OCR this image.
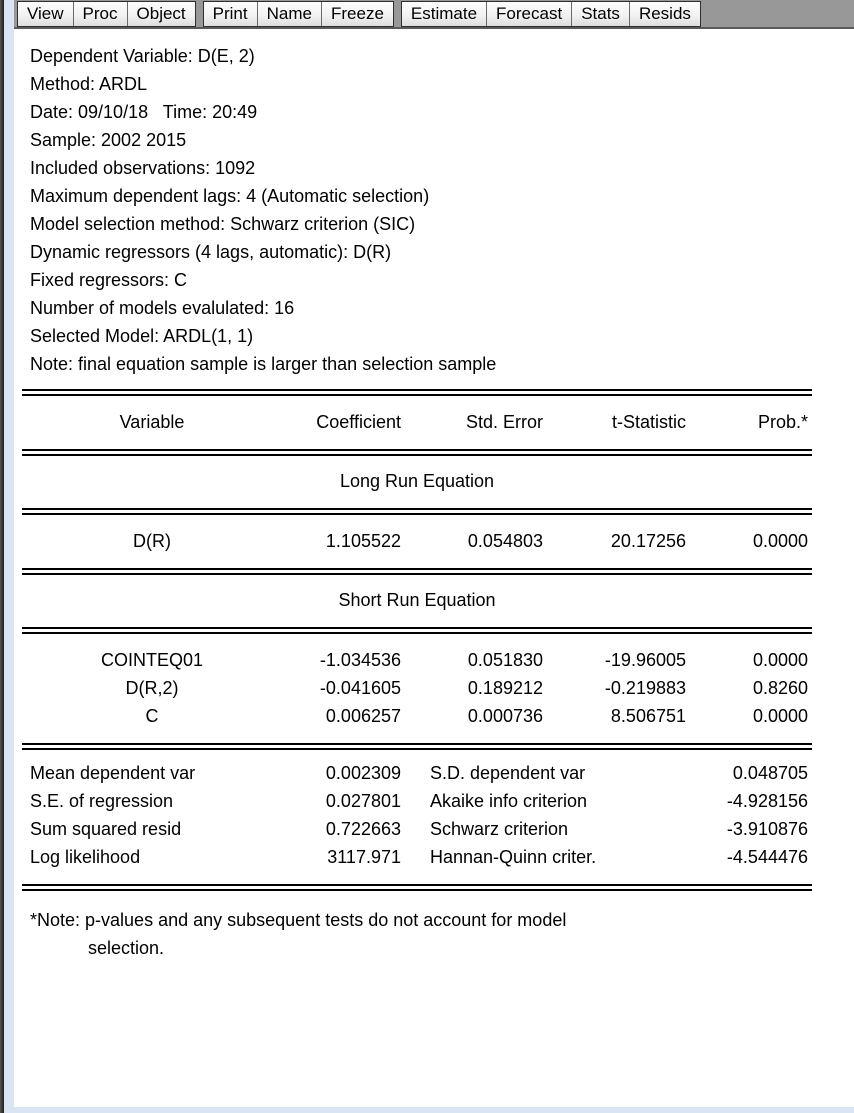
View	Proc	Object	Print	Name	Freeze	Estimate	Forecast	Stats	Resids
Dependent Variable: D(E, 2)
Method: ARDL
Date: 09/10/18   Time: 20:49
Sample: 2002 2015
Included observations: 1092
Maximum dependent lags: 4 (Automatic selection)
Model selection method: Schwarz criterion (SIC)
Dynamic regressors (4 lags, automatic): D(R)
Fixed regressors: C
Number of models evalulated: 16
Selected Model: ARDL(1, 1)
Note: final equation sample is larger than selection sample
Variable	Coefficient	Std. Error	t-Statistic	Prob.*
Long Run Equation
D(R)	1.105522	0.054803	20.17256	0.0000
Short Run Equation
COINTEQ01	-1.034536	0.051830	-19.96005	0.0000
D(R,2)	-0.041605	0.189212	-0.219883	0.8260
C	0.006257	0.000736	8.506751	0.0000
Mean dependent var	0.002309	S.D. dependent var	0.048705
S.E. of regression	0.027801	Akaike info criterion	-4.928156
Sum squared resid	0.722663	Schwarz criterion	-3.910876
Log likelihood	3117.971	Hannan-Quinn criter.	-4.544476
*Note: p-values and any subsequent tests do not account for model
selection.
